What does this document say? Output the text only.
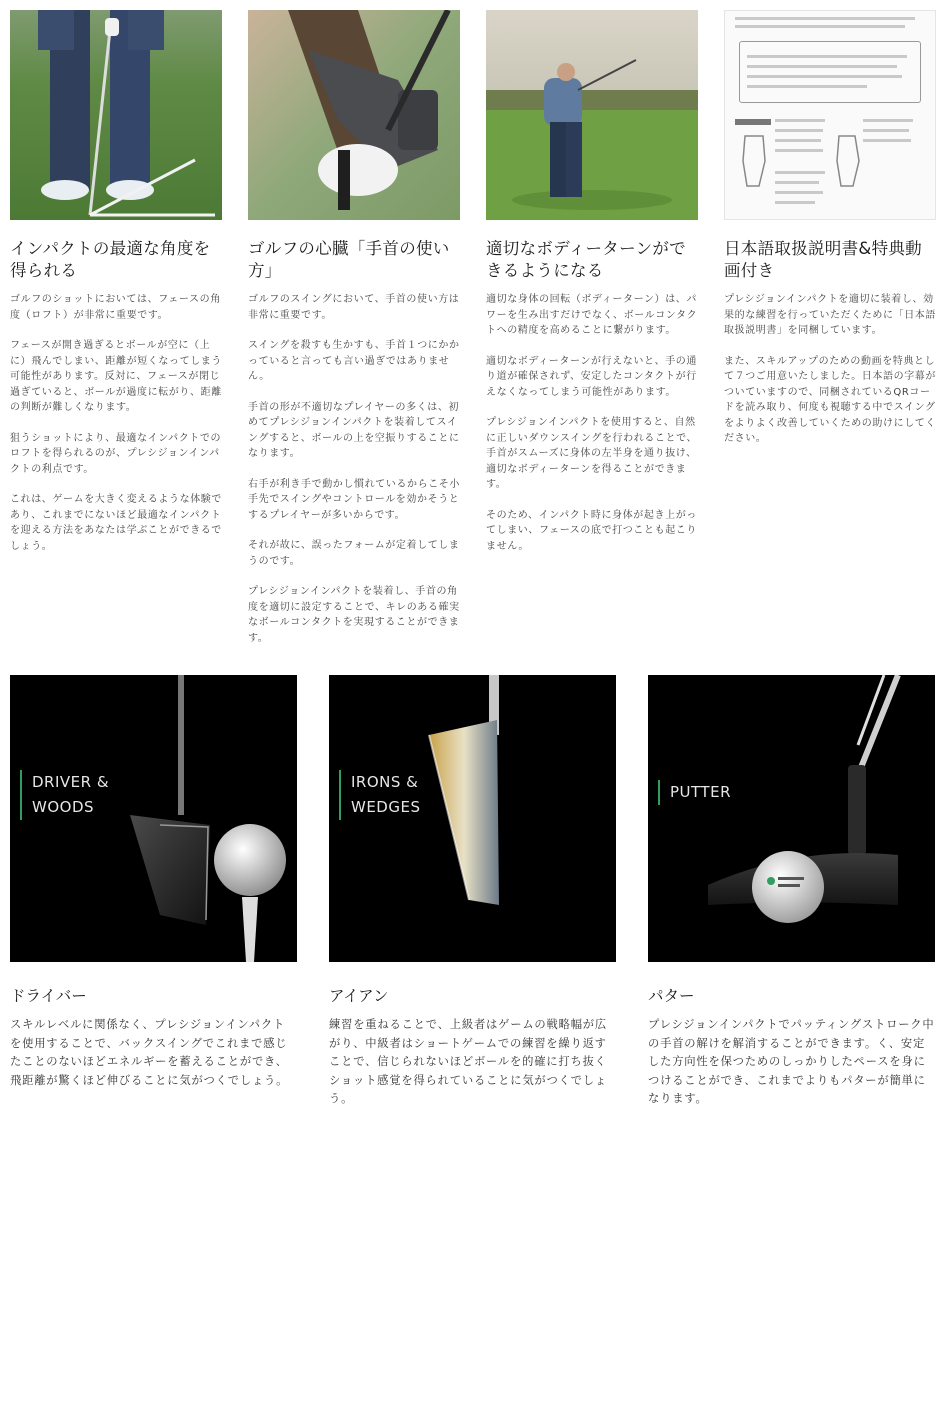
インパクトの最適な角度を得られる

ゴルフのショットにおいては、フェースの角度（ロフト）が非常に重要です。

フェースが開き過ぎるとボールが空に（上に）飛んでしまい、距離が短くなってしまう可能性があります。反対に、フェースが閉じ過ぎていると、ボールが過度に転がり、距離の判断が難しくなります。

狙うショットにより、最適なインパクトでのロフトを得られるのが、プレシジョンインパクトの利点です。

これは、ゲームを大きく変えるような体験であり、これまでにないほど最適なインパクトを迎える方法をあなたは学ぶことができるでしょう。

ゴルフの心臓「手首の使い方」

ゴルフのスイングにおいて、手首の使い方は非常に重要です。

スイングを殺すも生かすも、手首１つにかかっていると言っても言い過ぎではありません。

手首の形が不適切なプレイヤーの多くは、初めてプレシジョンインパクトを装着してスイングすると、ボールの上を空振りすることになります。

右手が利き手で動かし慣れているからこそ小手先でスイングやコントロールを効かそうとするプレイヤーが多いからです。

それが故に、誤ったフォームが定着してしまうのです。

プレシジョンインパクトを装着し、手首の角度を適切に設定することで、キレのある確実なボールコンタクトを実現することができます。

適切なボディーターンができるようになる

適切な身体の回転（ボディーターン）は、パワーを生み出すだけでなく、ボールコンタクトへの精度を高めることに繋がります。

適切なボディーターンが行えないと、手の通り道が確保されず、安定したコンタクトが行えなくなってしまう可能性があります。

プレシジョンインパクトを使用すると、自然に正しいダウンスイングを行われることで、手首がスムーズに身体の左半身を通り抜け、適切なボディーターンを得ることができます。

そのため、インパクト時に身体が起き上がってしまい、フェースの底で打つことも起こりません。

日本語取扱説明書&特典動画付き

プレシジョンインパクトを適切に装着し、効果的な練習を行っていただくために「日本語取扱説明書」を同梱しています。

また、スキルアップのための動画を特典として７つご用意いたしました。日本語の字幕がついていますので、同梱されているQRコードを読み取り、何度も視聴する中でスイングをよりよく改善していくための助けにしてください。

DRIVER &
WOODS
ドライバー

スキルレベルに関係なく、プレシジョンインパクトを使用することで、バックスイングでこれまで感じたことのないほどエネルギーを蓄えることができ、飛距離が驚くほど伸びることに気がつくでしょう。

IRONS &
WEDGES
アイアン

練習を重ねることで、上級者はゲームの戦略幅が広がり、中級者はショートゲームでの練習を繰り返すことで、信じられないほどボールを的確に打ち抜くショット感覚を得られていることに気がつくでしょう。

PUTTER
パター

プレシジョンインパクトでパッティングストローク中の手首の解けを解消することができます。く、安定した方向性を保つためのしっかりしたペースを身につけることができ、これまでよりもパターが簡単になります。
